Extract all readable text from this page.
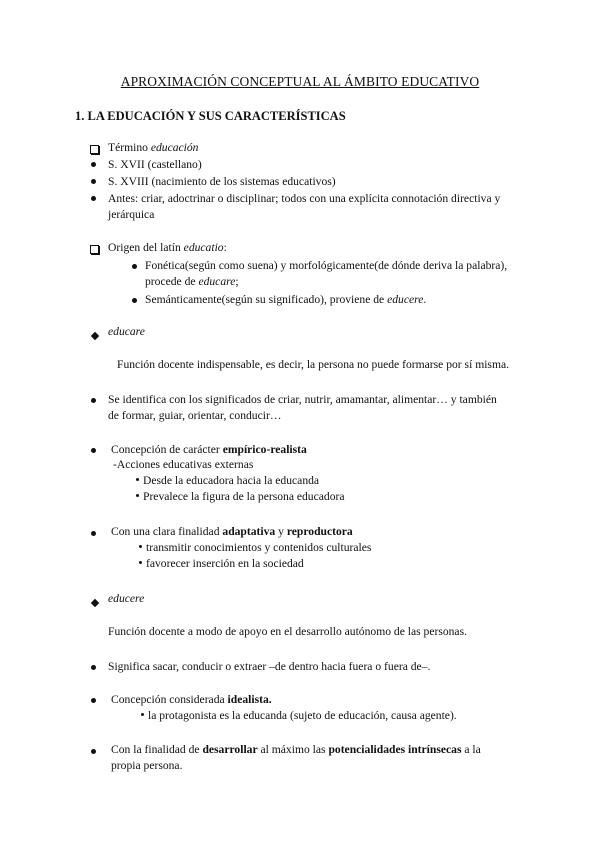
APROXIMACIÓN CONCEPTUAL AL ÁMBITO EDUCATIVO
1. LA EDUCACIÓN Y SUS CARACTERÍSTICAS
Término educación
S. XVII (castellano)
S. XVIII (nacimiento de los sistemas educativos)
Antes: criar, adoctrinar o disciplinar; todos con una explícita connotación directiva y
jerárquica
Origen del latín educatio:
Fonética(según como suena) y morfológicamente(de dónde deriva la palabra),
procede de educare;
Semánticamente(según su significado), proviene de educere.
educare
Función docente indispensable, es decir, la persona no puede formarse por sí misma.
Se identifica con los significados de criar, nutrir, amamantar, alimentar… y también
de formar, guiar, orientar, conducir…
Concepción de carácter empírico-realista
-Acciones educativas externas
Desde la educadora hacia la educanda
Prevalece la figura de la persona educadora
Con una clara finalidad adaptativa y reproductora
transmitir conocimientos y contenidos culturales
favorecer inserción en la sociedad
educere
Función docente a modo de apoyo en el desarrollo autónomo de las personas.
Significa sacar, conducir o extraer –de dentro hacia fuera o fuera de–.
Concepción considerada idealista.
la protagonista es la educanda (sujeto de educación, causa agente).
Con la finalidad de desarrollar al máximo las potencialidades intrínsecas a la
propia persona.
